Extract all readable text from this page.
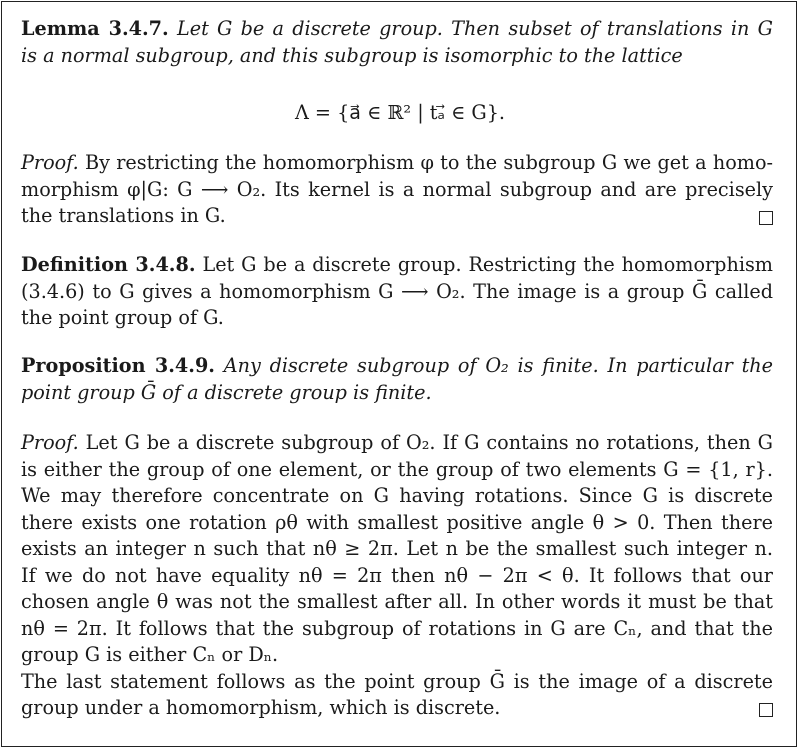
Lemma 3.4.7. Let G be a discrete group. Then subset of translations in G
is a normal subgroup, and this subgroup is isomorphic to the lattice
Λ = {a⃗ ∈ ℝ² | tₐ⃗ ∈ G}.
Proof. By restricting the homomorphism φ to the subgroup G we get a homo-
morphism φ|G: G ⟶ O₂. Its kernel is a normal subgroup and are precisely
the translations in G.
Definition 3.4.8. Let G be a discrete group. Restricting the homomorphism
(3.4.6) to G gives a homomorphism G ⟶ O₂. The image is a group Ḡ called
the point group of G.
Proposition 3.4.9. Any discrete subgroup of O₂ is finite. In particular the
point group Ḡ of a discrete group is finite.
Proof. Let G be a discrete subgroup of O₂. If G contains no rotations, then G
is either the group of one element, or the group of two elements G = {1, r}.
We may therefore concentrate on G having rotations. Since G is discrete
there exists one rotation ρθ with smallest positive angle θ > 0. Then there
exists an integer n such that nθ ≥ 2π. Let n be the smallest such integer n.
If we do not have equality nθ = 2π then nθ − 2π < θ. It follows that our
chosen angle θ was not the smallest after all. In other words it must be that
nθ = 2π. It follows that the subgroup of rotations in G are Cₙ, and that the
group G is either Cₙ or Dₙ.
The last statement follows as the point group Ḡ is the image of a discrete
group under a homomorphism, which is discrete.
